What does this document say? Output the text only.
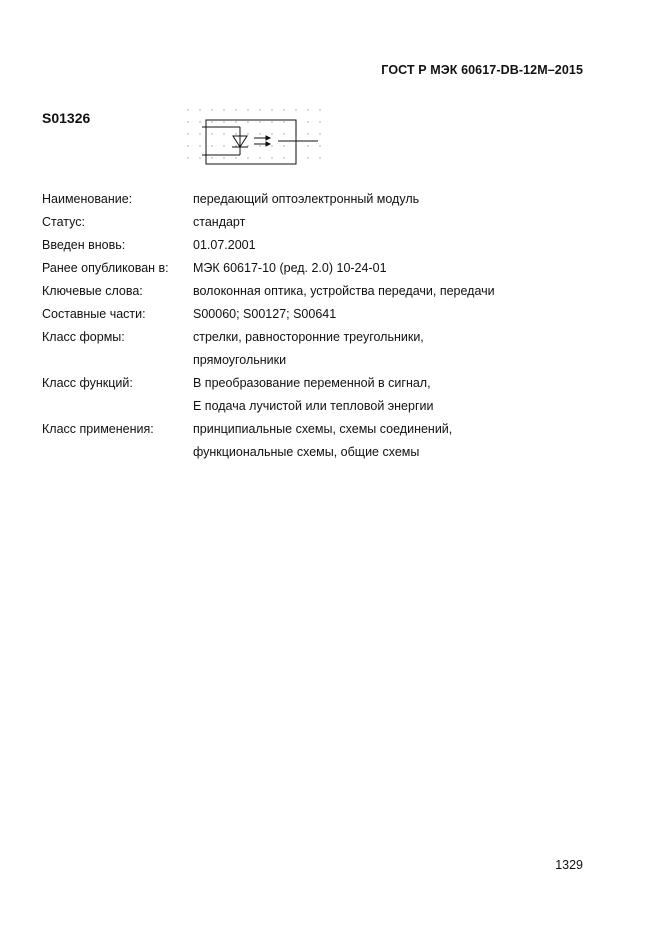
ГОСТ Р МЭК 60617-DB-12M–2015
S01326
Наименование:	передающий оптоэлектронный модуль
Статус:	стандарт
Введен вновь:	01.07.2001
Ранее опубликован в:	МЭК 60617-10 (ред. 2.0) 10-24-01
Ключевые слова:	волоконная оптика, устройства передачи, передачи
Составные части:	S00060; S00127; S00641
Класс формы:	стрелки, равносторонние треугольники,
прямоугольники
Класс функций:	В преобразование переменной в сигнал,
Е подача лучистой или тепловой энергии
Класс применения:	принципиальные схемы, схемы соединений,
функциональные схемы, общие схемы
1329
